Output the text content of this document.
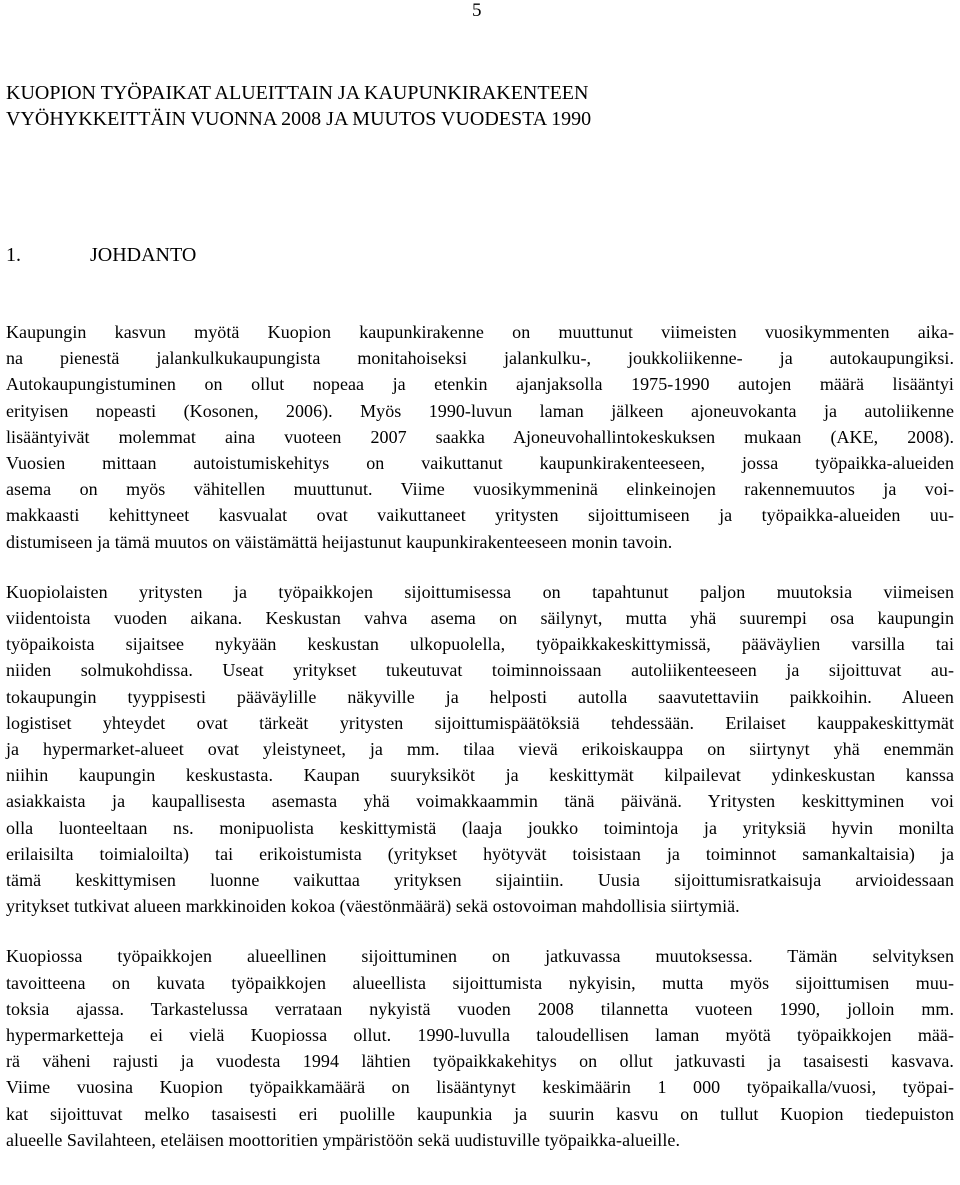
5
KUOPION TYÖPAIKAT ALUEITTAIN JA KAUPUNKIRAKENTEEN
VYÖHYKKEITTÄIN VUONNA 2008 JA MUUTOS VUODESTA 1990
1.	JOHDANTO
Kaupungin kasvun myötä Kuopion kaupunkirakenne on muuttunut viimeisten vuosikymmenten aika-
na pienestä jalankulkukaupungista monitahoiseksi jalankulku-, joukkoliikenne- ja autokaupungiksi.
Autokaupungistuminen on ollut nopeaa ja etenkin ajanjaksolla 1975-1990 autojen määrä lisääntyi
erityisen nopeasti (Kosonen, 2006). Myös 1990-luvun laman jälkeen ajoneuvokanta ja autoliikenne
lisääntyivät molemmat aina vuoteen 2007 saakka Ajoneuvohallintokeskuksen mukaan (AKE, 2008).
Vuosien mittaan autoistumiskehitys on vaikuttanut kaupunkirakenteeseen, jossa työpaikka-alueiden
asema on myös vähitellen muuttunut. Viime vuosikymmeninä elinkeinojen rakennemuutos ja voi-
makkaasti kehittyneet kasvualat ovat vaikuttaneet yritysten sijoittumiseen ja työpaikka-alueiden uu-
distumiseen ja tämä muutos on väistämättä heijastunut kaupunkirakenteeseen monin tavoin.
Kuopiolaisten yritysten ja työpaikkojen sijoittumisessa on tapahtunut paljon muutoksia viimeisen
viidentoista vuoden aikana. Keskustan vahva asema on säilynyt, mutta yhä suurempi osa kaupungin
työpaikoista sijaitsee nykyään keskustan ulkopuolella, työpaikkakeskittymissä, pääväylien varsilla tai
niiden solmukohdissa. Useat yritykset tukeutuvat toiminnoissaan autoliikenteeseen ja sijoittuvat au-
tokaupungin tyyppisesti pääväylille näkyville ja helposti autolla saavutettaviin paikkoihin. Alueen
logistiset yhteydet ovat tärkeät yritysten sijoittumispäätöksiä tehdessään. Erilaiset kauppakeskittymät
ja hypermarket-alueet ovat yleistyneet, ja mm. tilaa vievä erikoiskauppa on siirtynyt yhä enemmän
niihin kaupungin keskustasta. Kaupan suuryksiköt ja keskittymät kilpailevat ydinkeskustan kanssa
asiakkaista ja kaupallisesta asemasta yhä voimakkaammin tänä päivänä. Yritysten keskittyminen voi
olla luonteeltaan ns. monipuolista keskittymistä (laaja joukko toimintoja ja yrityksiä hyvin monilta
erilaisilta toimialoilta) tai erikoistumista (yritykset hyötyvät toisistaan ja toiminnot samankaltaisia) ja
tämä keskittymisen luonne vaikuttaa yrityksen sijaintiin. Uusia sijoittumisratkaisuja arvioidessaan
yritykset tutkivat alueen markkinoiden kokoa (väestönmäärä) sekä ostovoiman mahdollisia siirtymiä.
Kuopiossa työpaikkojen alueellinen sijoittuminen on jatkuvassa muutoksessa. Tämän selvityksen
tavoitteena on kuvata työpaikkojen alueellista sijoittumista nykyisin, mutta myös sijoittumisen muu-
toksia ajassa. Tarkastelussa verrataan nykyistä vuoden 2008 tilannetta vuoteen 1990, jolloin mm.
hypermarketteja ei vielä Kuopiossa ollut. 1990-luvulla taloudellisen laman myötä työpaikkojen mää-
rä väheni rajusti ja vuodesta 1994 lähtien työpaikkakehitys on ollut jatkuvasti ja tasaisesti kasvava.
Viime vuosina Kuopion työpaikkamäärä on lisääntynyt keskimäärin 1 000 työpaikalla/vuosi, työpai-
kat sijoittuvat melko tasaisesti eri puolille kaupunkia ja suurin kasvu on tullut Kuopion tiedepuiston
alueelle Savilahteen, eteläisen moottoritien ympäristöön sekä uudistuville työpaikka-alueille.
